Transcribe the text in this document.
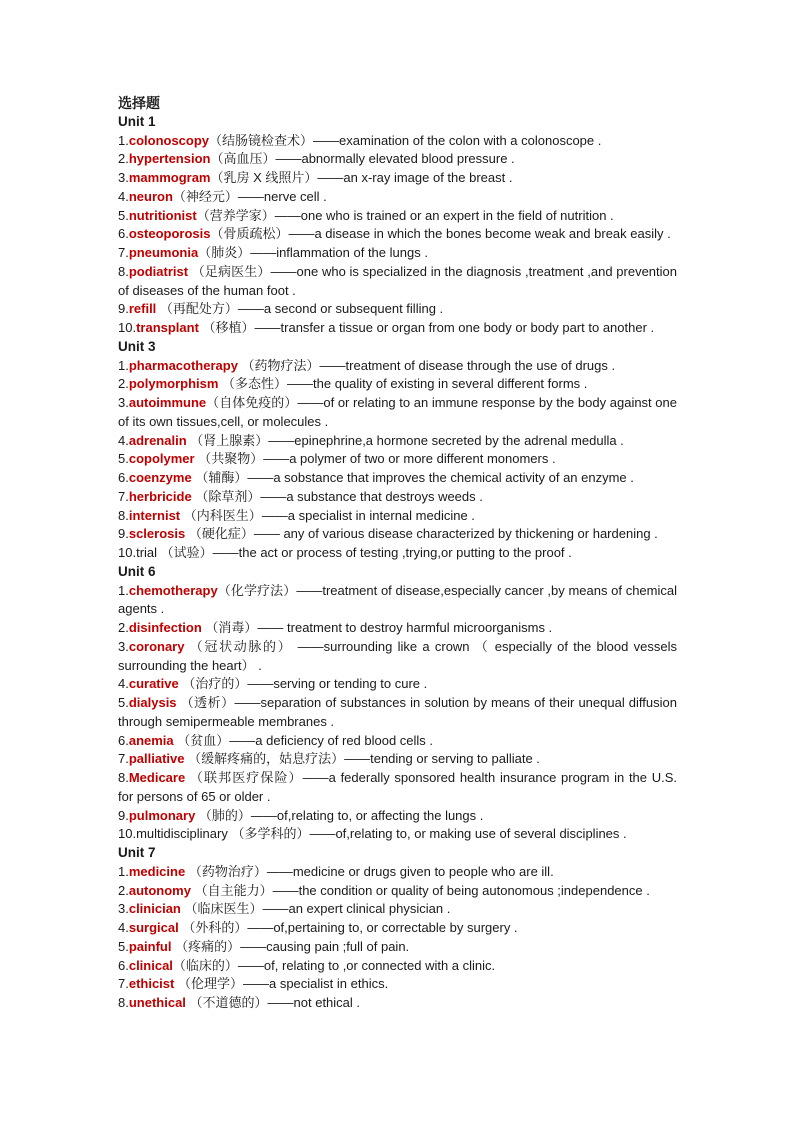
选择题

Unit 1

1.colonoscopy（结肠镜检查术）——examination of the colon with a colonoscope .

2.hypertension（高血压）——abnormally elevated blood pressure .

3.mammogram（乳房 X 线照片）——an x-ray image of the breast .

4.neuron（神经元）——nerve cell .

5.nutritionist（营养学家）——one who is trained or an expert in the field of nutrition .

6.osteoporosis（骨质疏松）——a disease in which the bones become weak and break easily .

7.pneumonia（肺炎）——inflammation of the lungs .

8.podiatrist （足病医生）——one who is specialized in the diagnosis ,treatment ,and prevention of diseases of the human foot .

9.refill （再配处方）——a second or subsequent filling .

10.transplant （移植）——transfer a tissue or organ from one body or body part to another .

Unit 3

1.pharmacotherapy （药物疗法）——treatment of disease through the use of drugs .

2.polymorphism （多态性）——the quality of existing in several different forms .

3.autoimmune（自体免疫的）——of or relating to an immune response by the body against one of its own tissues,cell, or molecules .

4.adrenalin （肾上腺素）——epinephrine,a hormone secreted by the adrenal medulla .

5.copolymer （共聚物）——a polymer of two or more different monomers .

6.coenzyme （辅酶）——a sobstance that improves the chemical activity of an enzyme .

7.herbricide （除草剂）——a substance that destroys weeds .

8.internist （内科医生）——a specialist in internal medicine .

9.sclerosis （硬化症）—— any of various disease characterized by thickening or hardening .

10.trial （试验）——the act or process of testing ,trying,or putting to the proof .

Unit 6

1.chemotherapy（化学疗法）——treatment of disease,especially cancer ,by means of chemical agents .

2.disinfection （消毒）—— treatment to destroy harmful microorganisms .

3.coronary （冠状动脉的） ——surrounding like a crown （ especially of the blood vessels surrounding the heart） .

4.curative （治疗的）——serving or tending to cure .

5.dialysis （透析）——separation of substances in solution by means of their unequal diffusion through semipermeable membranes .

6.anemia （贫血）——a deficiency of red blood cells .

7.palliative （缓解疼痛的，姑息疗法）——tending or serving to palliate .

8.Medicare （联邦医疗保险）——a federally sponsored health insurance program in the U.S. for persons of 65 or older .

9.pulmonary （肺的）——of,relating to, or affecting the lungs .

10.multidisciplinary （多学科的）——of,relating to, or making use of several disciplines .

Unit 7

1.medicine （药物治疗）——medicine or drugs given to people who are ill.

2.autonomy （自主能力）——the condition or quality of being autonomous ;independence .

3.clinician （临床医生）——an expert clinical physician .

4.surgical （外科的）——of,pertaining to, or correctable by surgery .

5.painful （疼痛的）——causing pain ;full of pain.

6.clinical（临床的）——of, relating to ,or connected with a clinic.

7.ethicist （伦理学）——a specialist in ethics.

8.unethical （不道德的）——not ethical .
